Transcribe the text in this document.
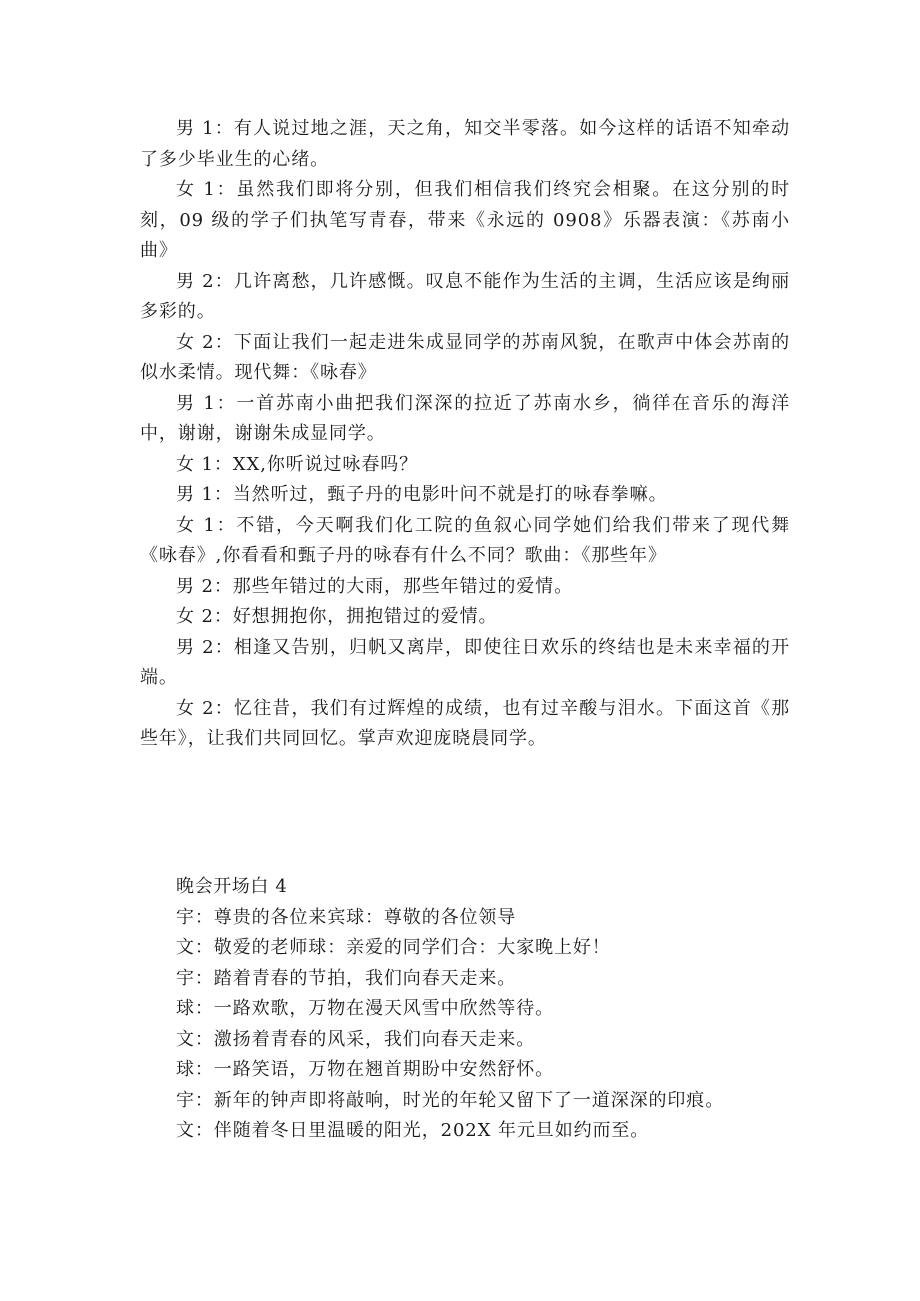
男 1：有人说过地之涯，天之角，知交半零落。如今这样的话语不知牵动了多少毕业生的心绪。

女 1：虽然我们即将分别，但我们相信我们终究会相聚。在这分别的时刻，09 级的学子们执笔写青春，带来《永远的 0908》乐器表演：《苏南小曲》

男 2：几许离愁，几许感慨。叹息不能作为生活的主调，生活应该是绚丽多彩的。

女 2：下面让我们一起走进朱成显同学的苏南风貌，在歌声中体会苏南的似水柔情。现代舞：《咏春》

男 1：一首苏南小曲把我们深深的拉近了苏南水乡，徜徉在音乐的海洋中，谢谢，谢谢朱成显同学。

女 1：XX,你听说过咏春吗？

男 1：当然听过，甄子丹的电影叶问不就是打的咏春拳嘛。

女 1：不错，今天啊我们化工院的鱼叙心同学她们给我们带来了现代舞《咏春》,你看看和甄子丹的咏春有什么不同？歌曲：《那些年》

男 2：那些年错过的大雨，那些年错过的爱情。

女 2：好想拥抱你，拥抱错过的爱情。

男 2：相逢又告别，归帆又离岸，即使往日欢乐的终结也是未来幸福的开端。

女 2：忆往昔，我们有过辉煌的成绩，也有过辛酸与泪水。下面这首《那些年》，让我们共同回忆。掌声欢迎庞晓晨同学。

晚会开场白 4

宇：尊贵的各位来宾球：尊敬的各位领导

文：敬爱的老师球：亲爱的同学们合：大家晚上好！

宇：踏着青春的节拍，我们向春天走来。

球：一路欢歌，万物在漫天风雪中欣然等待。

文：激扬着青春的风采，我们向春天走来。

球：一路笑语，万物在翘首期盼中安然舒怀。

宇：新年的钟声即将敲响，时光的年轮又留下了一道深深的印痕。

文：伴随着冬日里温暖的阳光，202X 年元旦如约而至。
